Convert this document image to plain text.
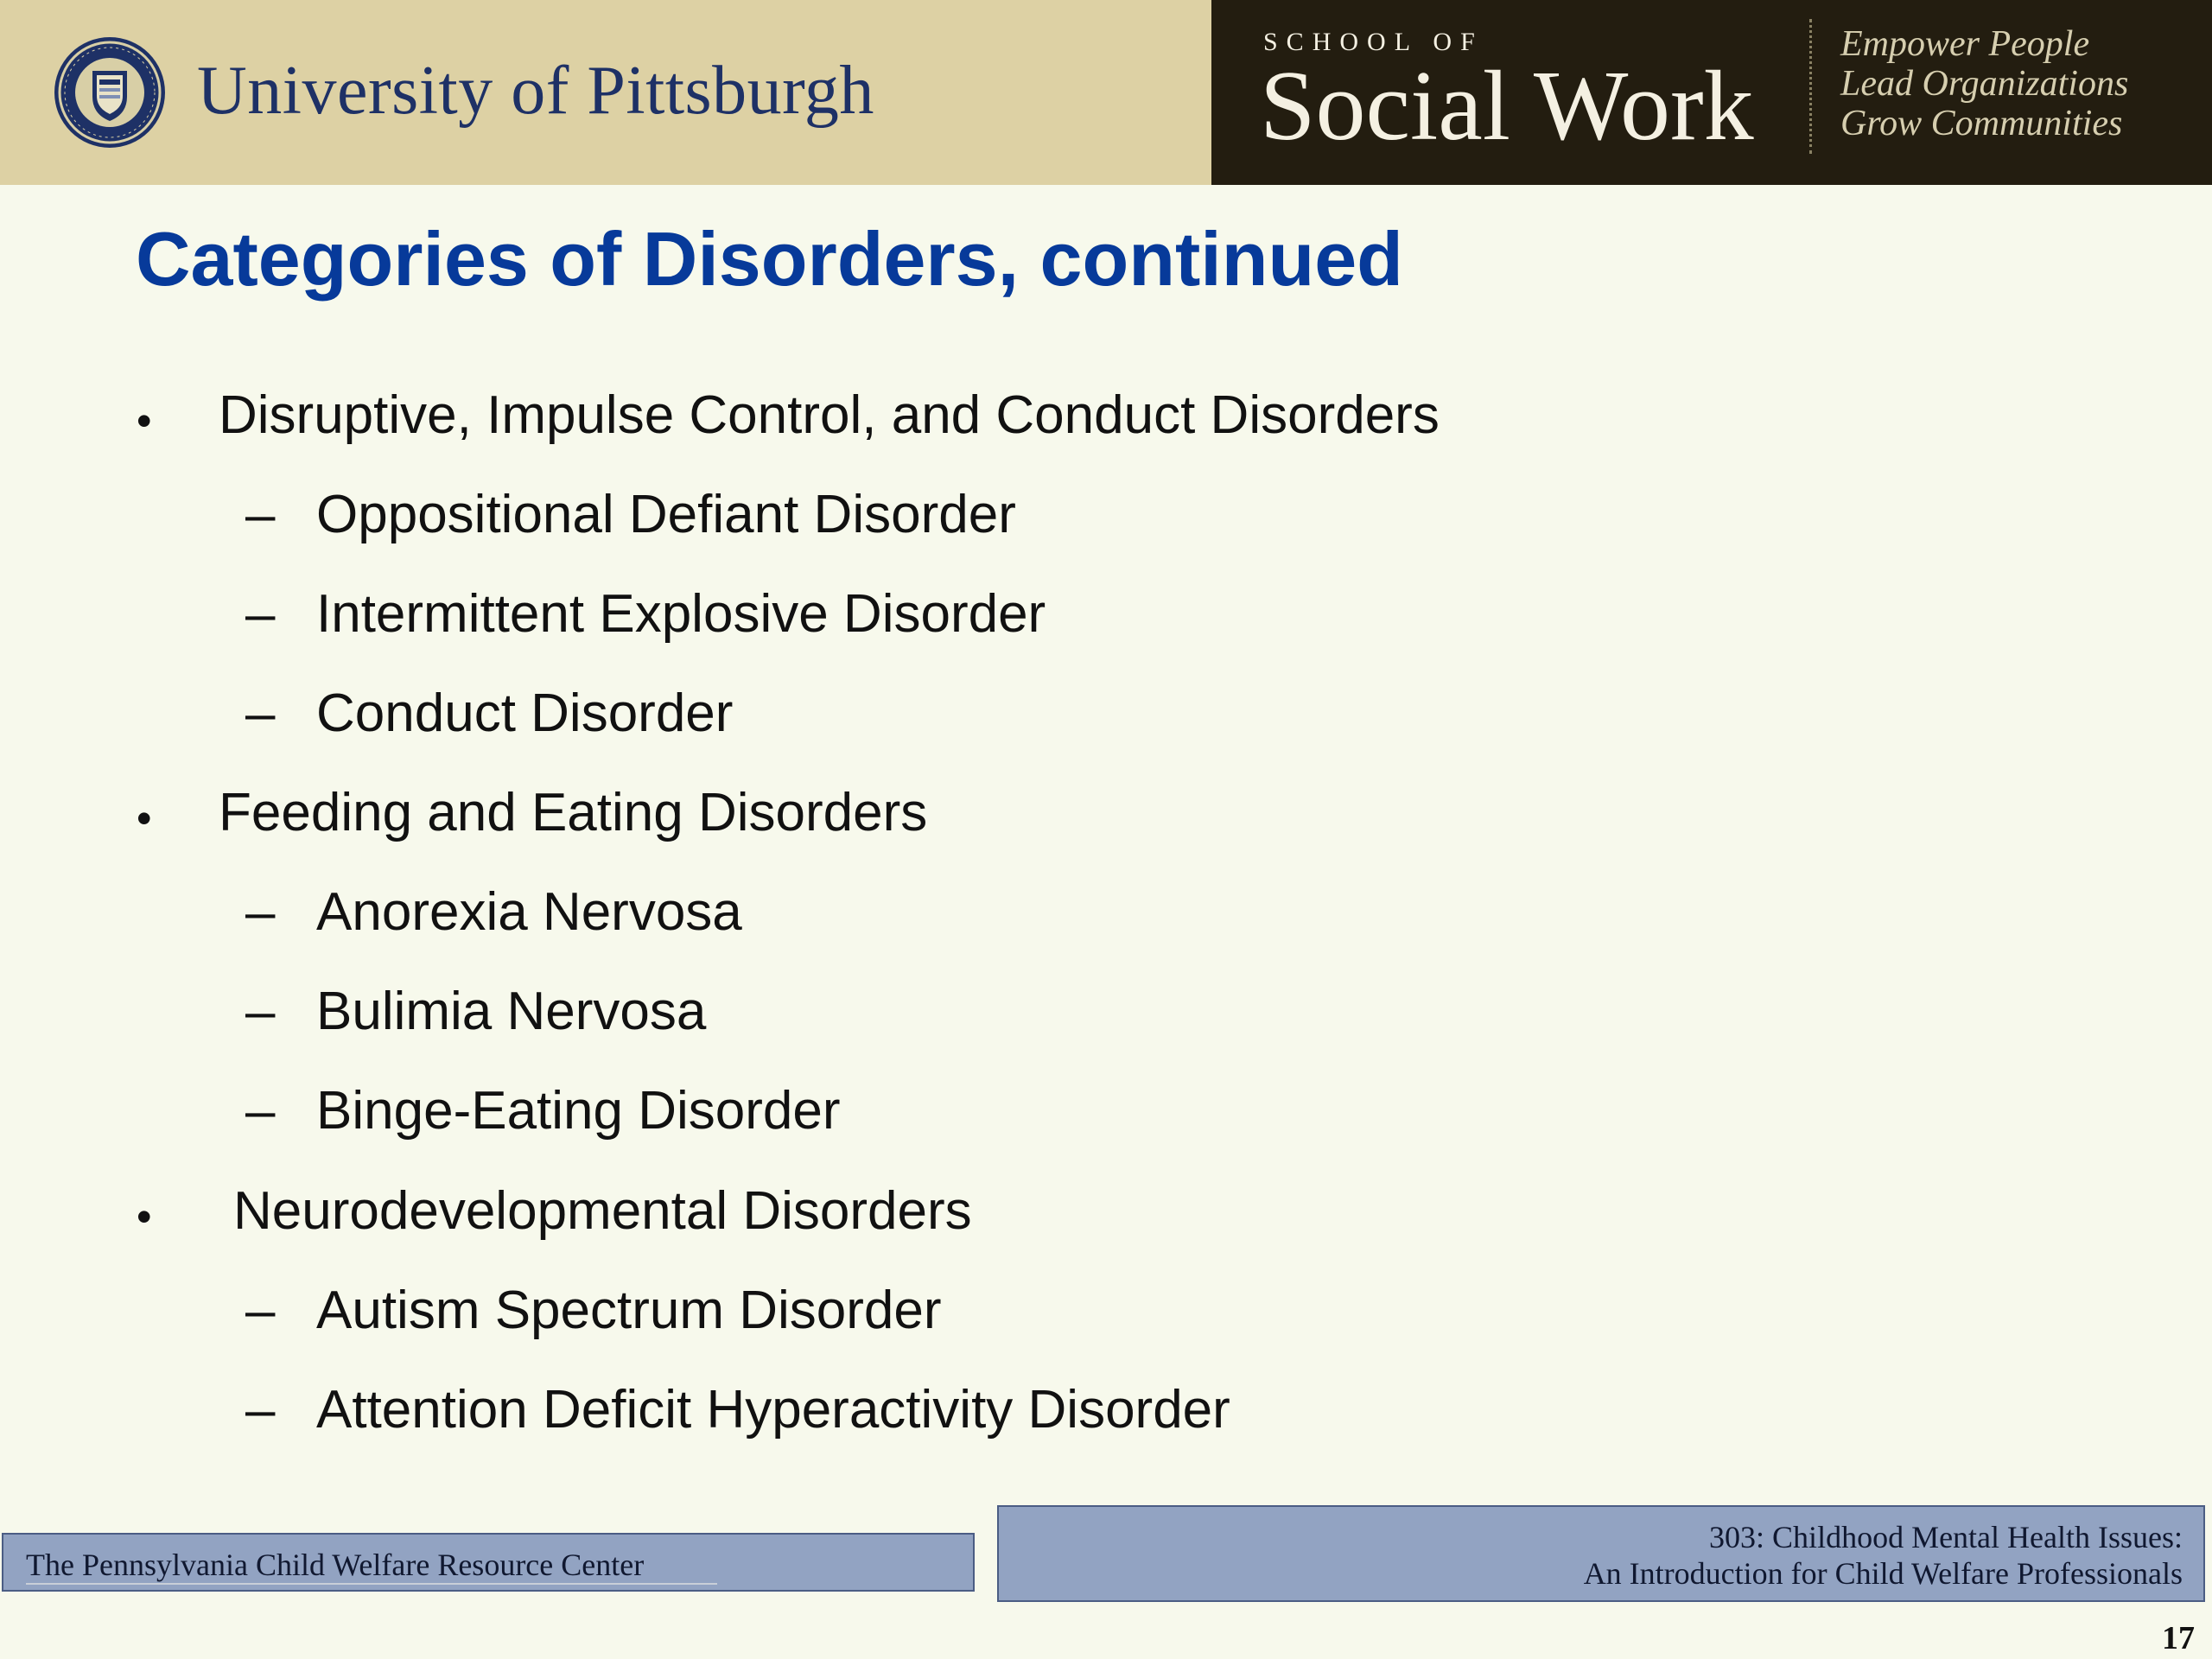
University of Pittsburgh
SCHOOL OF
Social Work
Empower People
Lead Organizations
Grow Communities
Categories of Disorders, continued
• Disruptive, Impulse Control, and Conduct Disorders
– Oppositional Defiant Disorder
– Intermittent Explosive Disorder
– Conduct Disorder
• Feeding and Eating Disorders
– Anorexia Nervosa
– Bulimia Nervosa
– Binge-Eating Disorder
• Neurodevelopmental Disorders
– Autism Spectrum Disorder
– Attention Deficit Hyperactivity Disorder
The Pennsylvania Child Welfare Resource Center
303: Childhood Mental Health Issues:
An Introduction for Child Welfare Professionals
17
